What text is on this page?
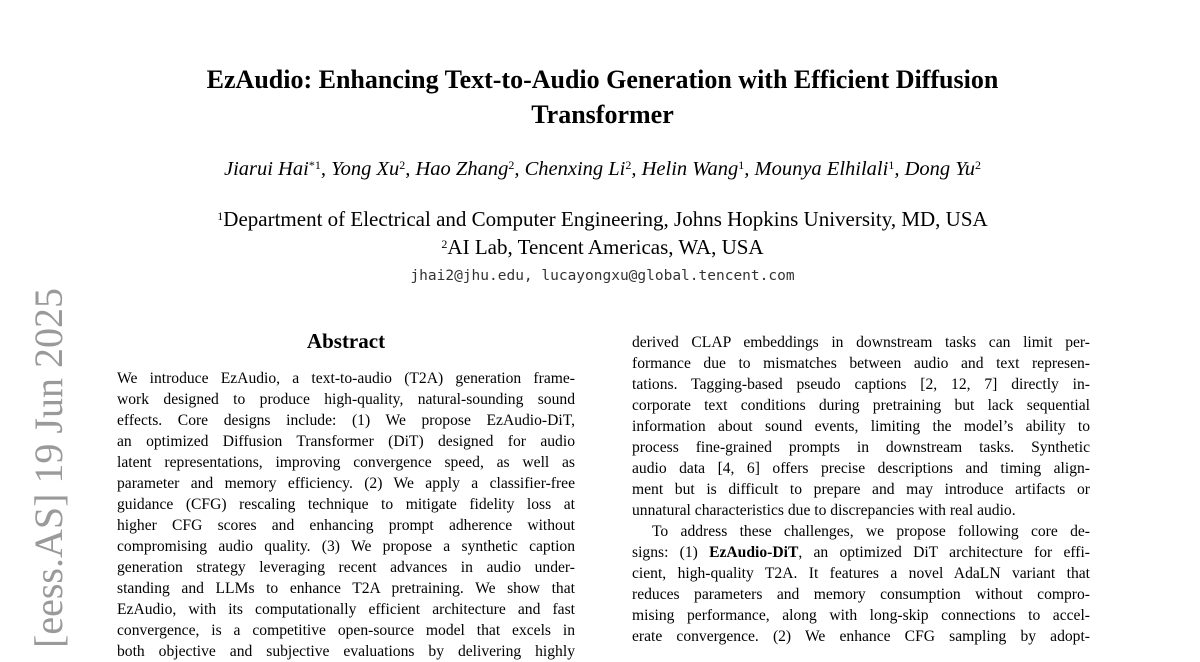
[eess.AS] 19 Jun 2025
EzAudio: Enhancing Text-to-Audio Generation with Efficient Diffusion
Transformer
Jiarui Hai$^{*1}$, Yong Xu$^2$, Hao Zhang$^2$, Chenxing Li$^2$, Helin Wang$^1$, Mounya Elhilali$^1$, Dong Yu$^2$
$^1$Department of Electrical and Computer Engineering, Johns Hopkins University, MD, USA
$^2$AI Lab, Tencent Americas, WA, USA
jhai2@jhu.edu, lucayongxu@global.tencent.com
Abstract
We introduce EzAudio, a text-to-audio (T2A) generation frame-
work designed to produce high-quality, natural-sounding sound
effects. Core designs include: (1) We propose EzAudio-DiT,
an optimized Diffusion Transformer (DiT) designed for audio
latent representations, improving convergence speed, as well as
parameter and memory efficiency. (2) We apply a classifier-free
guidance (CFG) rescaling technique to mitigate fidelity loss at
higher CFG scores and enhancing prompt adherence without
compromising audio quality. (3) We propose a synthetic caption
generation strategy leveraging recent advances in audio under-
standing and LLMs to enhance T2A pretraining. We show that
EzAudio, with its computationally efficient architecture and fast
convergence, is a competitive open-source model that excels in
both objective and subjective evaluations by delivering highly
derived CLAP embeddings in downstream tasks can limit per-
formance due to mismatches between audio and text represen-
tations. Tagging-based pseudo captions [2, 12, 7] directly in-
corporate text conditions during pretraining but lack sequential
information about sound events, limiting the model’s ability to
process fine-grained prompts in downstream tasks. Synthetic
audio data [4, 6] offers precise descriptions and timing align-
ment but is difficult to prepare and may introduce artifacts or
unnatural characteristics due to discrepancies with real audio.
To address these challenges, we propose following core de-
signs: (1) EzAudio-DiT, an optimized DiT architecture for effi-
cient, high-quality T2A. It features a novel AdaLN variant that
reduces parameters and memory consumption without compro-
mising performance, along with long-skip connections to accel-
erate convergence. (2) We enhance CFG sampling by adopt-
